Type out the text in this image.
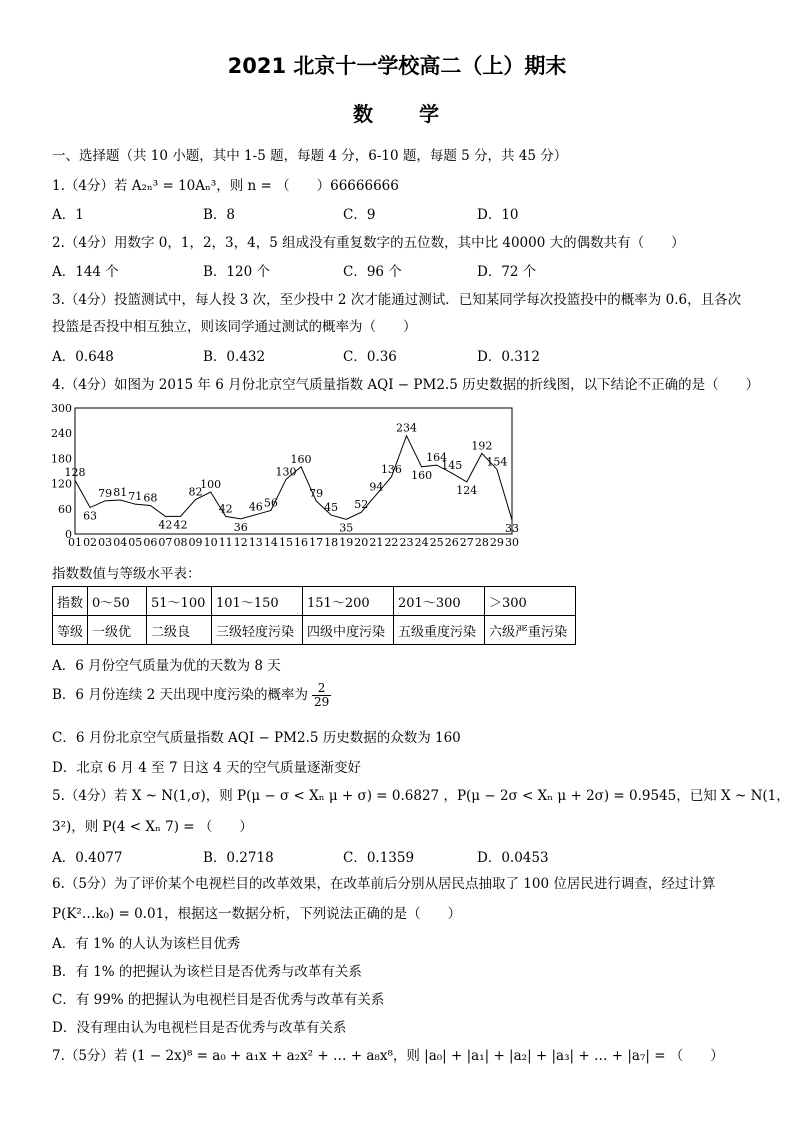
2021 北京十一学校高二（上）期末
数　　学
一、选择题（共 10 小题，其中 1-5 题，每题 4 分，6-10 题，每题 5 分，共 45 分）
1.（4分）若 A₂ₙ³ = 10Aₙ³，则 n = （　　）66666666
A．1	B．8	C．9	D．10
2.（4分）用数字 0，1，2，3，4，5 组成没有重复数字的五位数，其中比 40000 大的偶数共有（　　）
A．144 个	B．120 个	C．96 个	D．72 个
3.（4分）投篮测试中，每人投 3 次，至少投中 2 次才能通过测试．已知某同学每次投篮投中的概率为 0.6，且各次
投篮是否投中相互独立，则该同学通过测试的概率为（　　）
A．0.648	B．0.432	C．0.36	D．0.312
4.（4分）如图为 2015 年 6 月份北京空气质量指数 AQI − PM2.5 历史数据的折线图，以下结论不正确的是（　　）
0
60
120
180
240
300
01 02 03 04 05 06 07 08 09 10 11 12 13 14 15 16 17 18 19 20 21 22 23 24 25 26 27 28 29 30
128
63
79 81 71 68
42 42
82
100
42
36
46 56
130
160
79
45
35
52
94
136
234
160
164
145
124
192
154
33
指数数值与等级水平表：
指数	0～50	51～100	101～150	151～200	201～300	＞300
等级	一级优	二级良	三级轻度污染	四级中度污染	五级重度污染	六级严重污染
A．6 月份空气质量为优的天数为 8 天
B．6 月份连续 2 天出现中度污染的概率为 $\frac{2}{29}$
C．6 月份北京空气质量指数 AQI − PM2.5 历史数据的众数为 160
D．北京 6 月 4 至 7 日这 4 天的空气质量逐渐变好
5.（4分）若 X ~ N(1,σ)，则 P(μ − σ < Xₙ μ + σ) = 0.6827 ，P(μ − 2σ < Xₙ μ + 2σ) = 0.9545，已知 X ~ N(1，
3²)，则 P(4 < Xₙ 7) = （　　）
A．0.4077	B．0.2718	C．0.1359	D．0.0453
6.（5分）为了评价某个电视栏目的改革效果，在改革前后分别从居民点抽取了 100 位居民进行调查，经过计算
P(K²…k₀) = 0.01，根据这一数据分析，下列说法正确的是（　　）
A．有 1% 的人认为该栏目优秀
B．有 1% 的把握认为该栏目是否优秀与改革有关系
C．有 99% 的把握认为电视栏目是否优秀与改革有关系
D．没有理由认为电视栏目是否优秀与改革有关系
7.（5分）若 (1 − 2x)⁸ = a₀ + a₁x + a₂x² + … + a₈x⁸，则 |a₀| + |a₁| + |a₂| + |a₃| + … + |a₇| = （　　）
